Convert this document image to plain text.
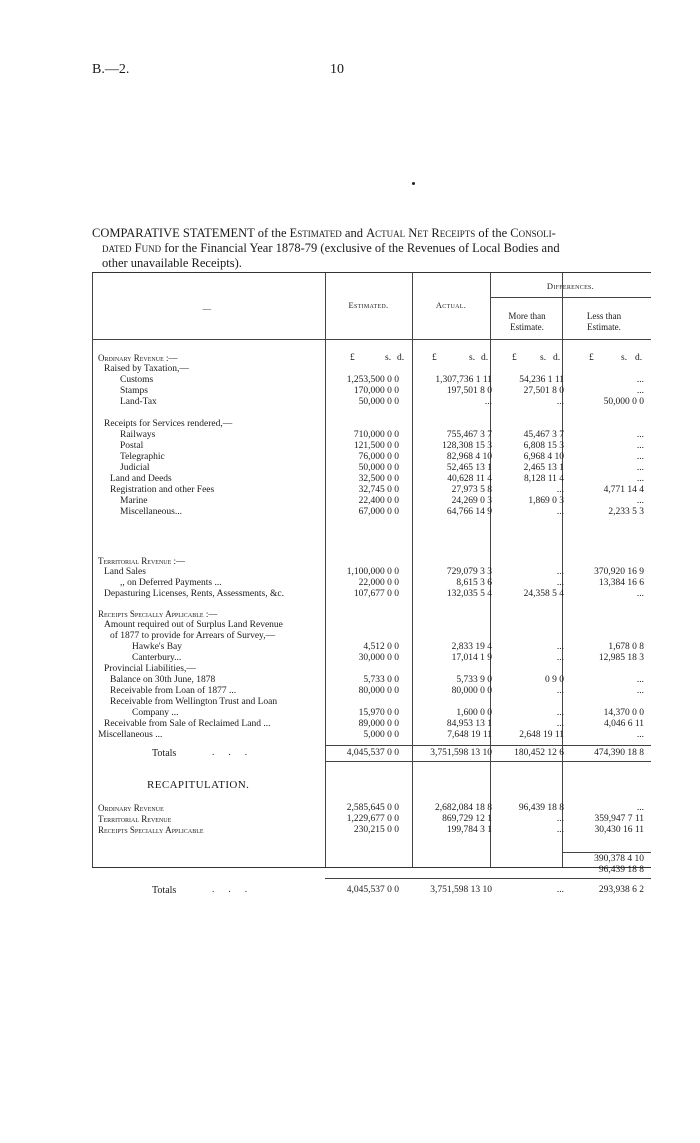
B.—2.	10
COMPARATIVE STATEMENT of the Estimated and Actual Net Receipts of the Consoli-
dated Fund for the Financial Year 1878-79 (exclusive of the Revenues of Local Bodies and
other unavailable Receipts).
—	Estimated.	Actual.
Differences.
More than Estimate.
Less than Estimate.
Ordinary Revenue :—	£	s. d.	£	s. d.	£ s. d.	£	s. d.
Raised by Taxation,—
Receipts for Services rendered,—
Territorial Revenue :—
Receipts Specially Applicable :—
Amount required out of Surplus Land Revenue
of 1877 to provide for Arrears of Survey,—
Provincial Liabilities,—
Receivable from Wellington Trust and Loan
Customs	1,253,500 0 0	1,307,736 1 11	54,236 1 11	...
Stamps	170,000 0 0	197,501 8 0	27,501 8 0	...
Land-Tax	50,000 0 0	...	...	50,000 0 0
Railways	710,000 0 0	755,467 3 7	45,467 3 7	...
Postal	121,500 0 0	128,308 15 3	6,808 15 3	...
Telegraphic	76,000 0 0	82,968 4 10	6,968 4 10	...
Judicial	50,000 0 0	52,465 13 1	2,465 13 1	...
Land and Deeds	32,500 0 0	40,628 11 4	8,128 11 4	...
Registration and other Fees	32,745 0 0	27,973 5 8	...	4,771 14 4
Marine	22,400 0 0	24,269 0 3	1,869 0 3	...
Miscellaneous...	67,000 0 0	64,766 14 9	...	2,233 5 3
Land Sales	1,100,000 0 0	729,079 3 3	...	370,920 16 9
,, on Deferred Payments ...	22,000 0 0	8,615 3 6	...	13,384 16 6
Depasturing Licenses, Rents, Assessments, &c.	107,677 0 0	132,035 5 4	24,358 5 4	...
Hawke's Bay	4,512 0 0	2,833 19 4	...	1,678 0 8
Canterbury...	30,000 0 0	17,014 1 9	...	12,985 18 3
Balance on 30th June, 1878	5,733 0 0	5,733 9 0	0 9 0	...
Receivable from Loan of 1877 ...	80,000 0 0	80,000 0 0	...	...
Company ...	15,970 0 0	1,600 0 0	...	14,370 0 0
Receivable from Sale of Reclaimed Land ...	89,000 0 0	84,953 13 1	...	4,046 6 11
Miscellaneous ...	5,000 0 0	7,648 19 11	2,648 19 11	...
Totals	...	4,045,537 0 0	3,751,598 13 10	180,452 12 6	474,390 18 8
RECAPITULATION.
Ordinary Revenue	2,585,645 0 0	2,682,084 18 8	96,439 18 8	...
Territorial Revenue	1,229,677 0 0	869,729 12 1	...	359,947 7 11
Receipts Specially Applicable	230,215 0 0	199,784 3 1	...	30,430 16 11
390,378 4 10
96,439 18 8
Totals	...	4,045,537 0 0	3,751,598 13 10	...	293,938 6 2
